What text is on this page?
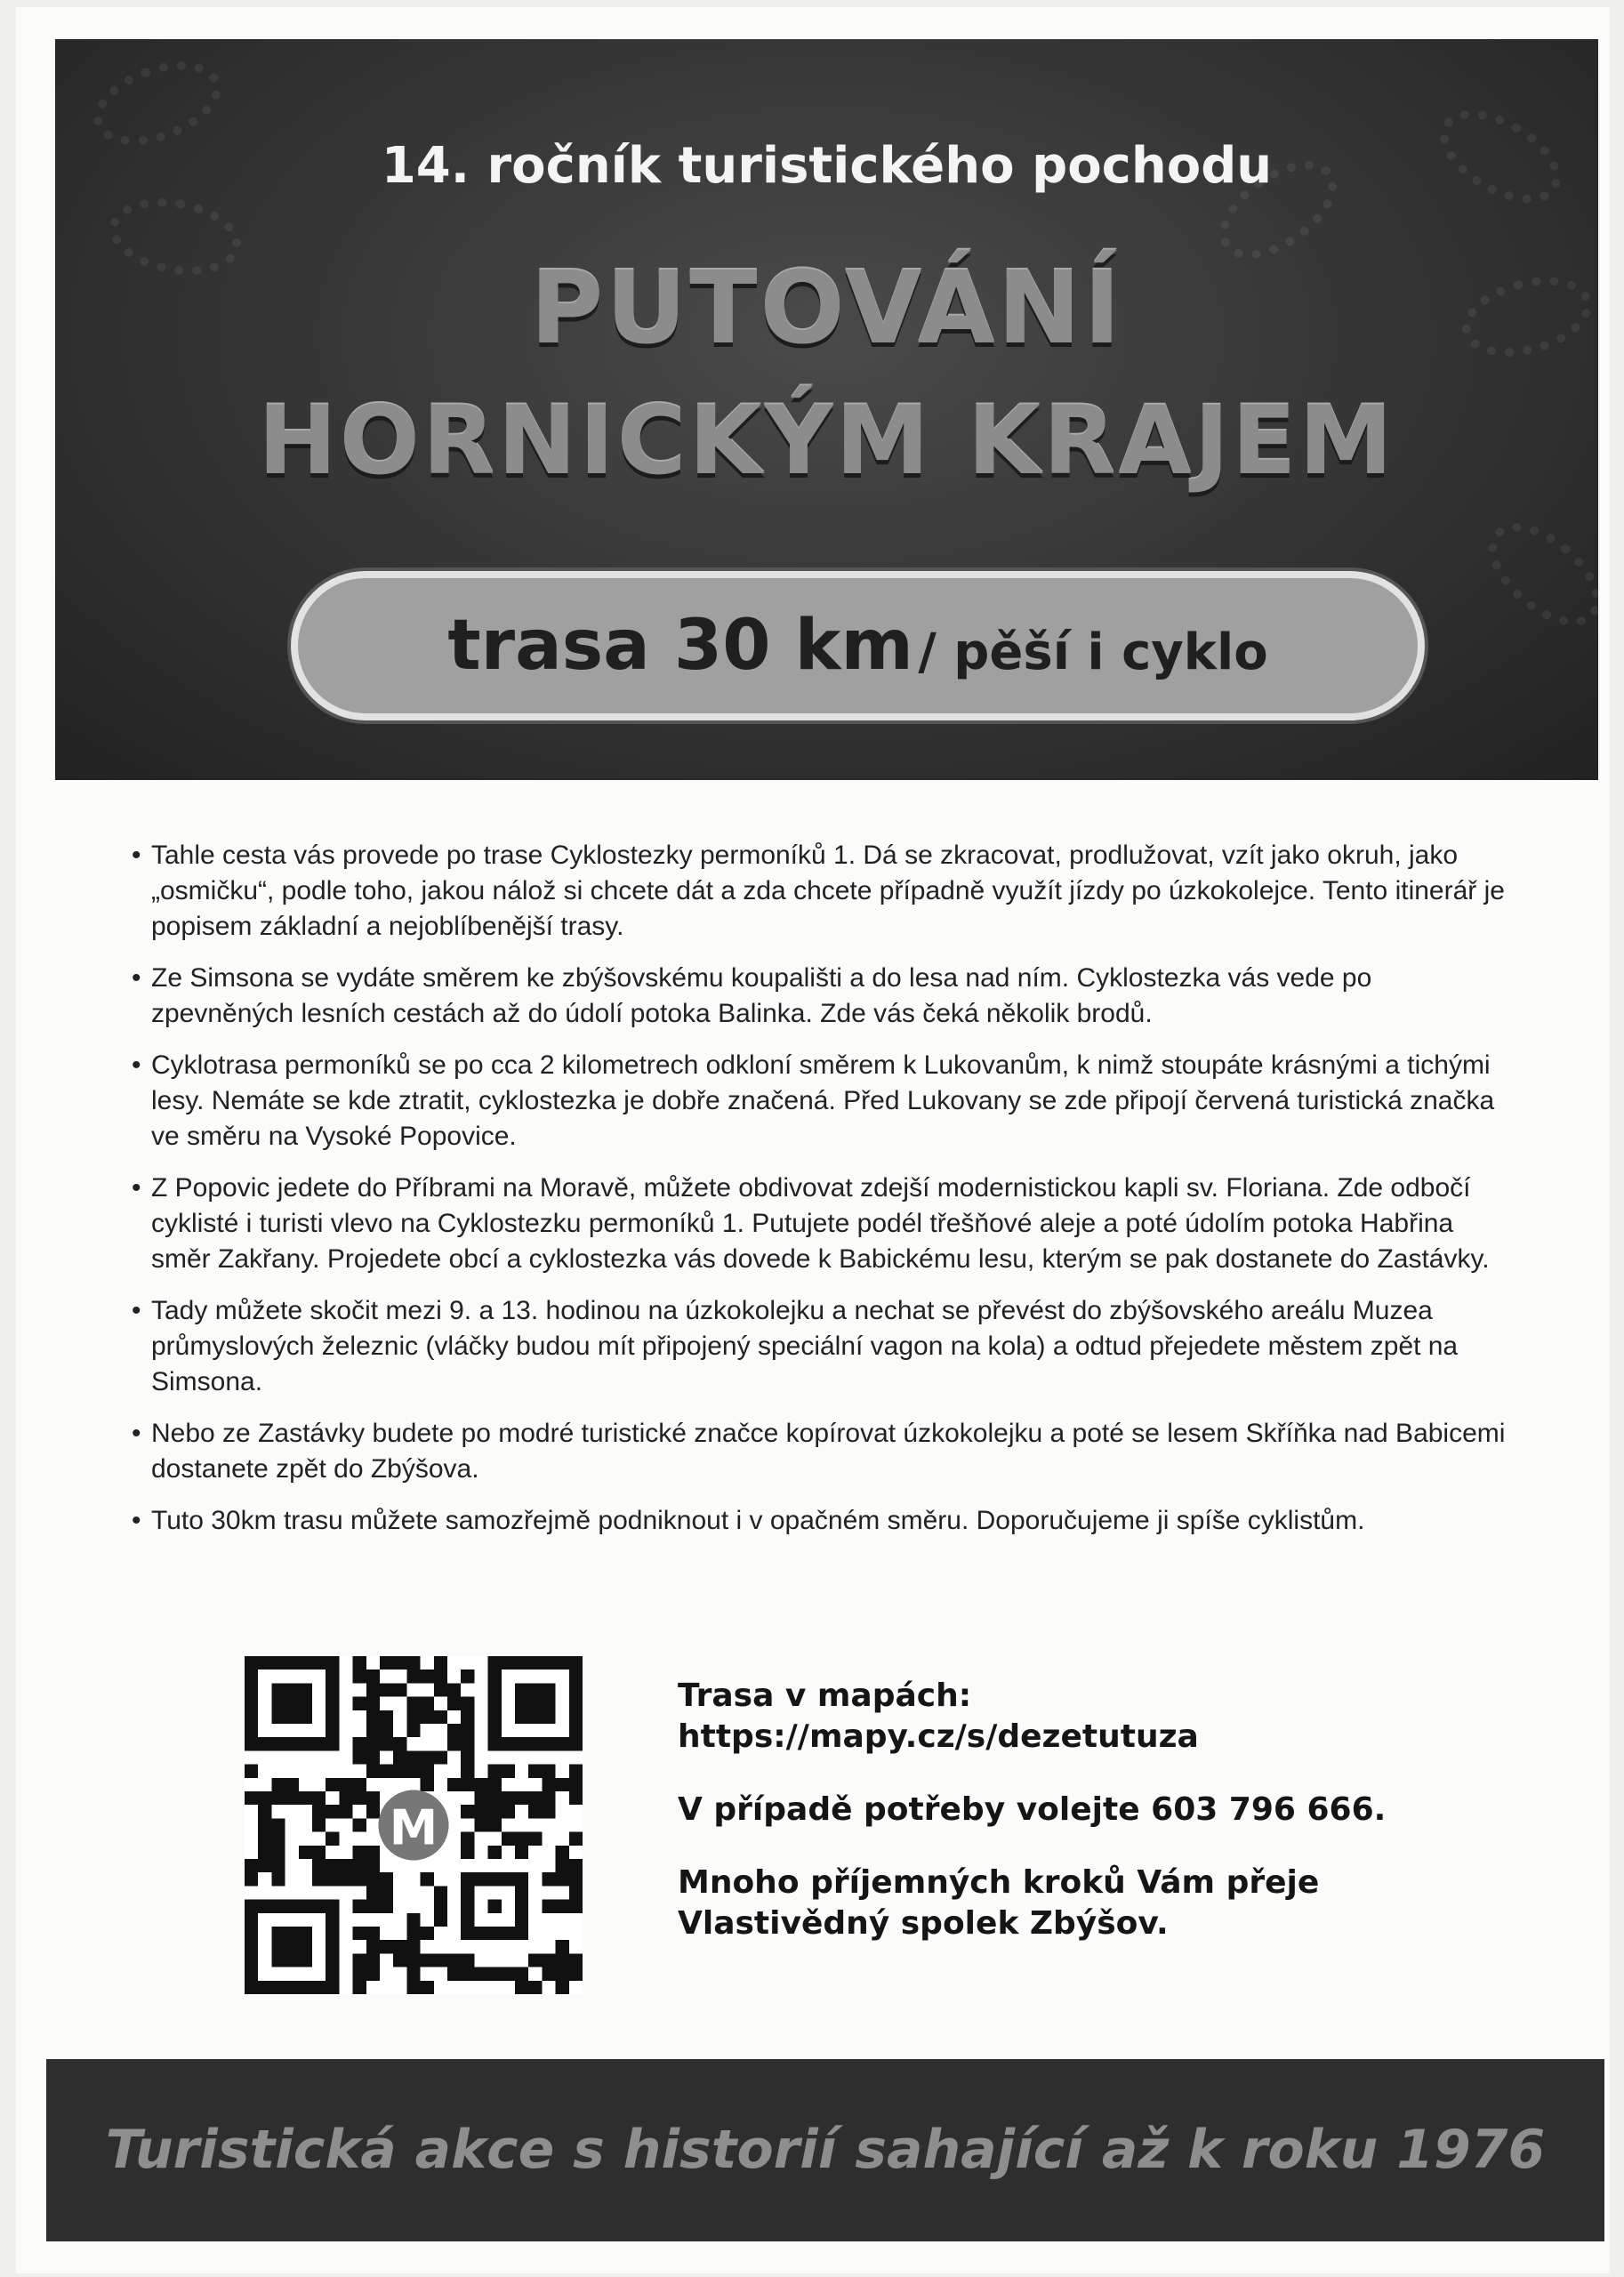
14. ročník turistického pochodu
PUTOVÁNÍ
HORNICKÝM KRAJEM
trasa 30 km / pěší i cyklo
• Tahle cesta vás provede po trase Cyklostezky permoníků 1. Dá se zkracovat, prodlužovat, vzít jako okruh, jako „osmičku“, podle toho, jakou nálož si chcete dát a zda chcete případně využít jízdy po úzkokolejce. Tento itinerář je popisem základní a nejoblíbenější trasy.
• Ze Simsona se vydáte směrem ke zbýšovskému koupališti a do lesa nad ním. Cyklostezka vás vede po zpevněných lesních cestách až do údolí potoka Balinka. Zde vás čeká několik brodů.
• Cyklotrasa permoníků se po cca 2 kilometrech odkloní směrem k Lukovanům, k nimž stoupáte krásnými a tichými lesy. Nemáte se kde ztratit, cyklostezka je dobře značená. Před Lukovany se zde připojí červená turistická značka ve směru na Vysoké Popovice.
• Z Popovic jedete do Příbrami na Moravě, můžete obdivovat zdejší modernistickou kapli sv. Floriana. Zde odbočí cyklisté i turisti vlevo na Cyklostezku permoníků 1. Putujete podél třešňové aleje a poté údolím potoka Habřina směr Zakřany. Projedete obcí a cyklostezka vás dovede k Babickému lesu, kterým se pak dostanete do Zastávky.
• Tady můžete skočit mezi 9. a 13. hodinou na úzkokolejku a nechat se převést do zbýšovského areálu Muzea průmyslových železnic (vláčky budou mít připojený speciální vagon na kola) a odtud přejedete městem zpět na Simsona.
• Nebo ze Zastávky budete po modré turistické značce kopírovat úzkokolejku a poté se lesem Skříňka nad Babicemi dostanete zpět do Zbýšova.
• Tuto 30km trasu můžete samozřejmě podniknout i v opačném směru. Doporučujeme ji spíše cyklistům.
M

Trasa v mapách:
https://mapy.cz/s/dezetutuza

V případě potřeby volejte 603 796 666.

Mnoho příjemných kroků Vám přeje
Vlastivědný spolek Zbýšov.

Turistická akce s historií sahající až k roku 1976
